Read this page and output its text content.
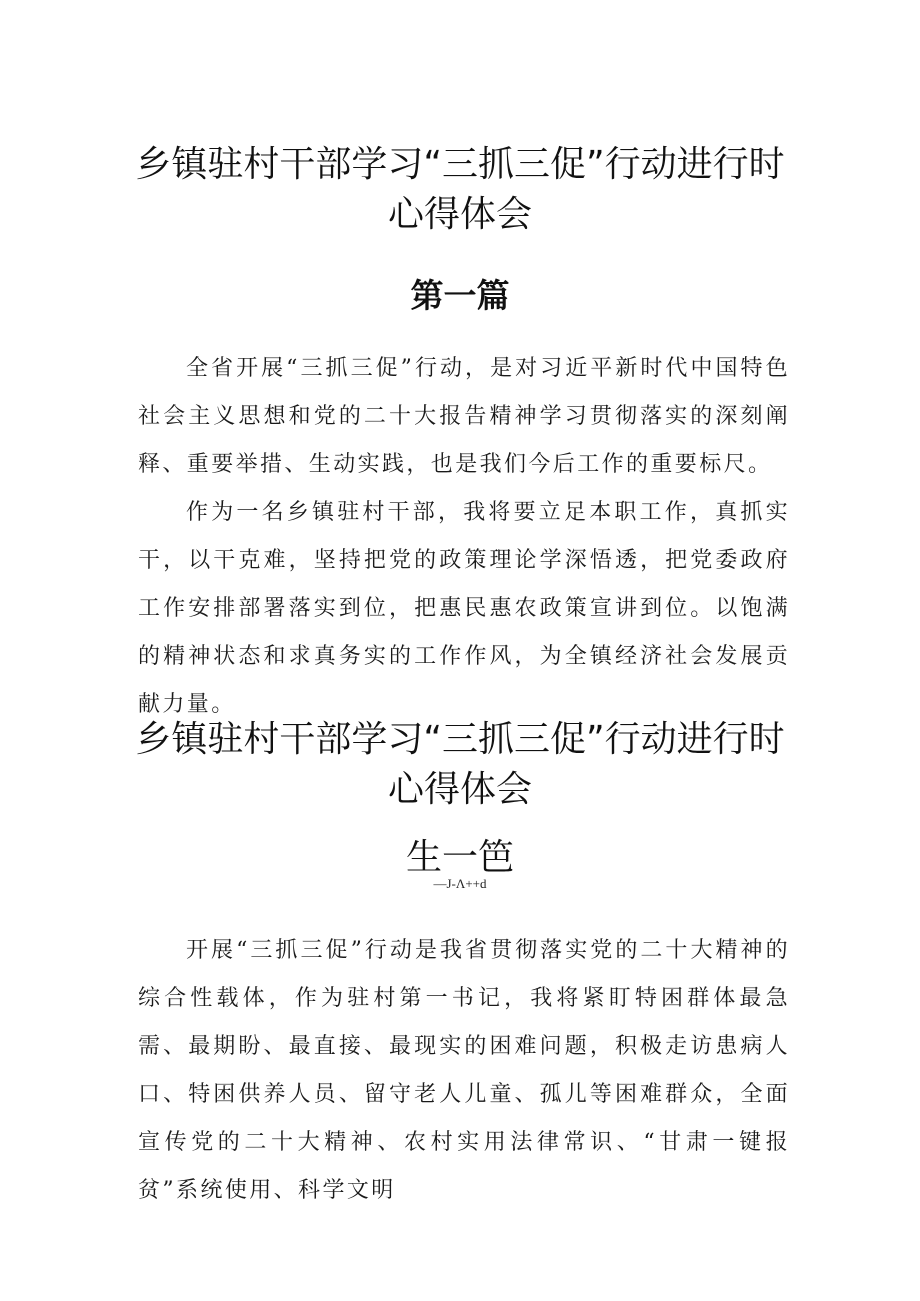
乡镇驻村干部学习“三抓三促”行动进行时心得体会
第一篇

全省开展“三抓三促”行动，是对习近平新时代中国特色社会主义思想和党的二十大报告精神学习贯彻落实的深刻阐释、重要举措、生动实践，也是我们今后工作的重要标尺。

作为一名乡镇驻村干部，我将要立足本职工作，真抓实干，以干克难，坚持把党的政策理论学深悟透，把党委政府工作安排部署落实到位，把惠民惠农政策宣讲到位。以饱满的精神状态和求真务实的工作作风，为全镇经济社会发展贡献力量。

乡镇驻村干部学习“三抓三促”行动进行时心得体会
生一笆
—J-Λ++d

开展“三抓三促”行动是我省贯彻落实党的二十大精神的综合性载体，作为驻村第一书记，我将紧盯特困群体最急需、最期盼、最直接、最现实的困难问题，积极走访患病人口、特困供养人员、留守老人儿童、孤儿等困难群众，全面宣传党的二十大精神、农村实用法律常识、“甘肃一键报贫”系统使用、科学文明
